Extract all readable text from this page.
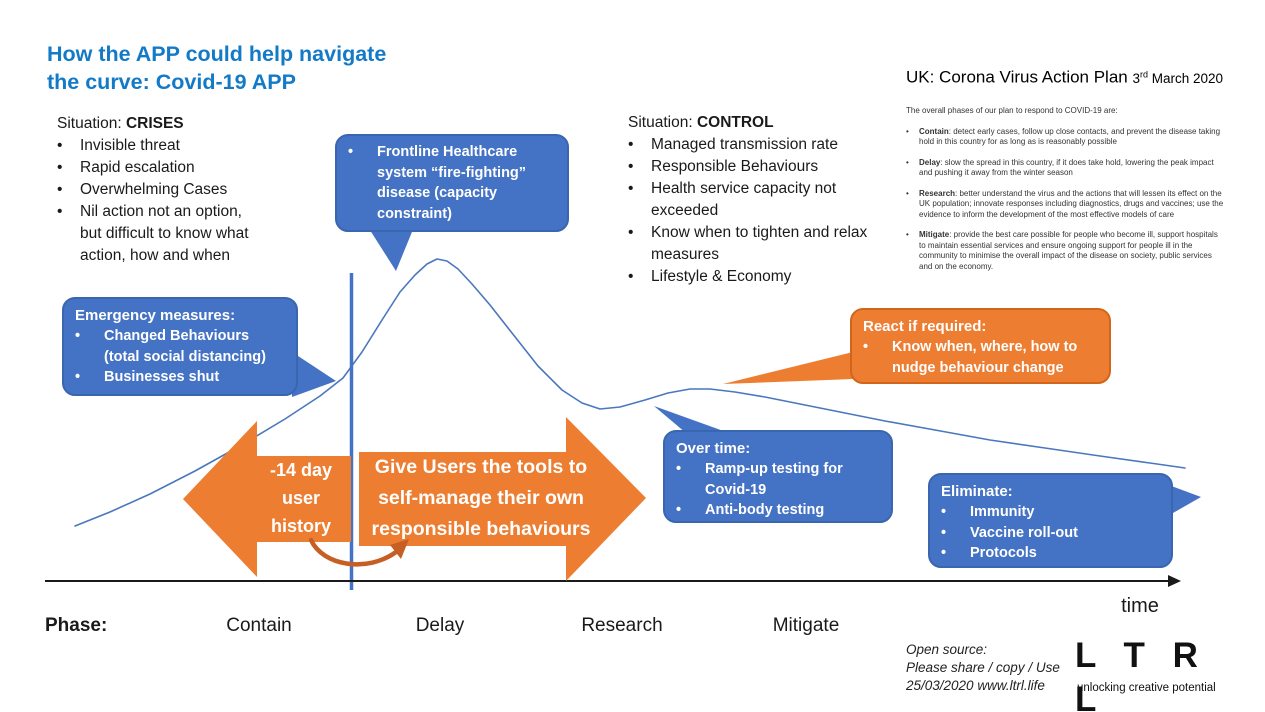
How the APP could help navigate
the curve: Covid-19 APP
Situation: CRISES
•
Invisible threat
•
Rapid escalation
•
Overwhelming Cases
•
Nil action not an option, but difficult to know what action, how and when
Situation: CONTROL
•
Managed transmission rate
•
Responsible Behaviours
•
Health service capacity not exceeded
•
Know when to tighten and relax measures
•
Lifestyle & Economy
•
Frontline Healthcare system “fire-fighting” disease (capacity constraint)
Emergency measures:
•
Changed Behaviours (total social distancing)
•
Businesses shut
React if required:
•
Know when, where, how to nudge behaviour change
Over time:
•
Ramp-up testing for Covid-19
•
Anti-body testing
Eliminate:
•
Immunity
•
Vaccine roll-out
•
Protocols
-14 day user history
Give Users the tools to self-manage their own responsible behaviours
UK: Corona Virus Action Plan 3rd March 2020
The overall phases of our plan to respond to COVID-19 are:
•
Contain: detect early cases, follow up close contacts, and prevent the disease taking hold in this country for as long as is reasonably possible
•
Delay: slow the spread in this country, if it does take hold, lowering the peak impact and pushing it away from the winter season
•
Research: better understand the virus and the actions that will lessen its effect on the UK population; innovate responses including diagnostics, drugs and vaccines; use the evidence to inform the development of the most effective models of care
•
Mitigate: provide the best care possible for people who become ill, support hospitals to maintain essential services and ensure ongoing support for people ill in the community to minimise the overall impact of the disease on society, public services and on the economy.
time
Phase:	Contain	Delay	Research	Mitigate
Open source:
Please share / copy / Use
25/03/2020 www.ltrl.life
L T R L
unlocking creative potential
